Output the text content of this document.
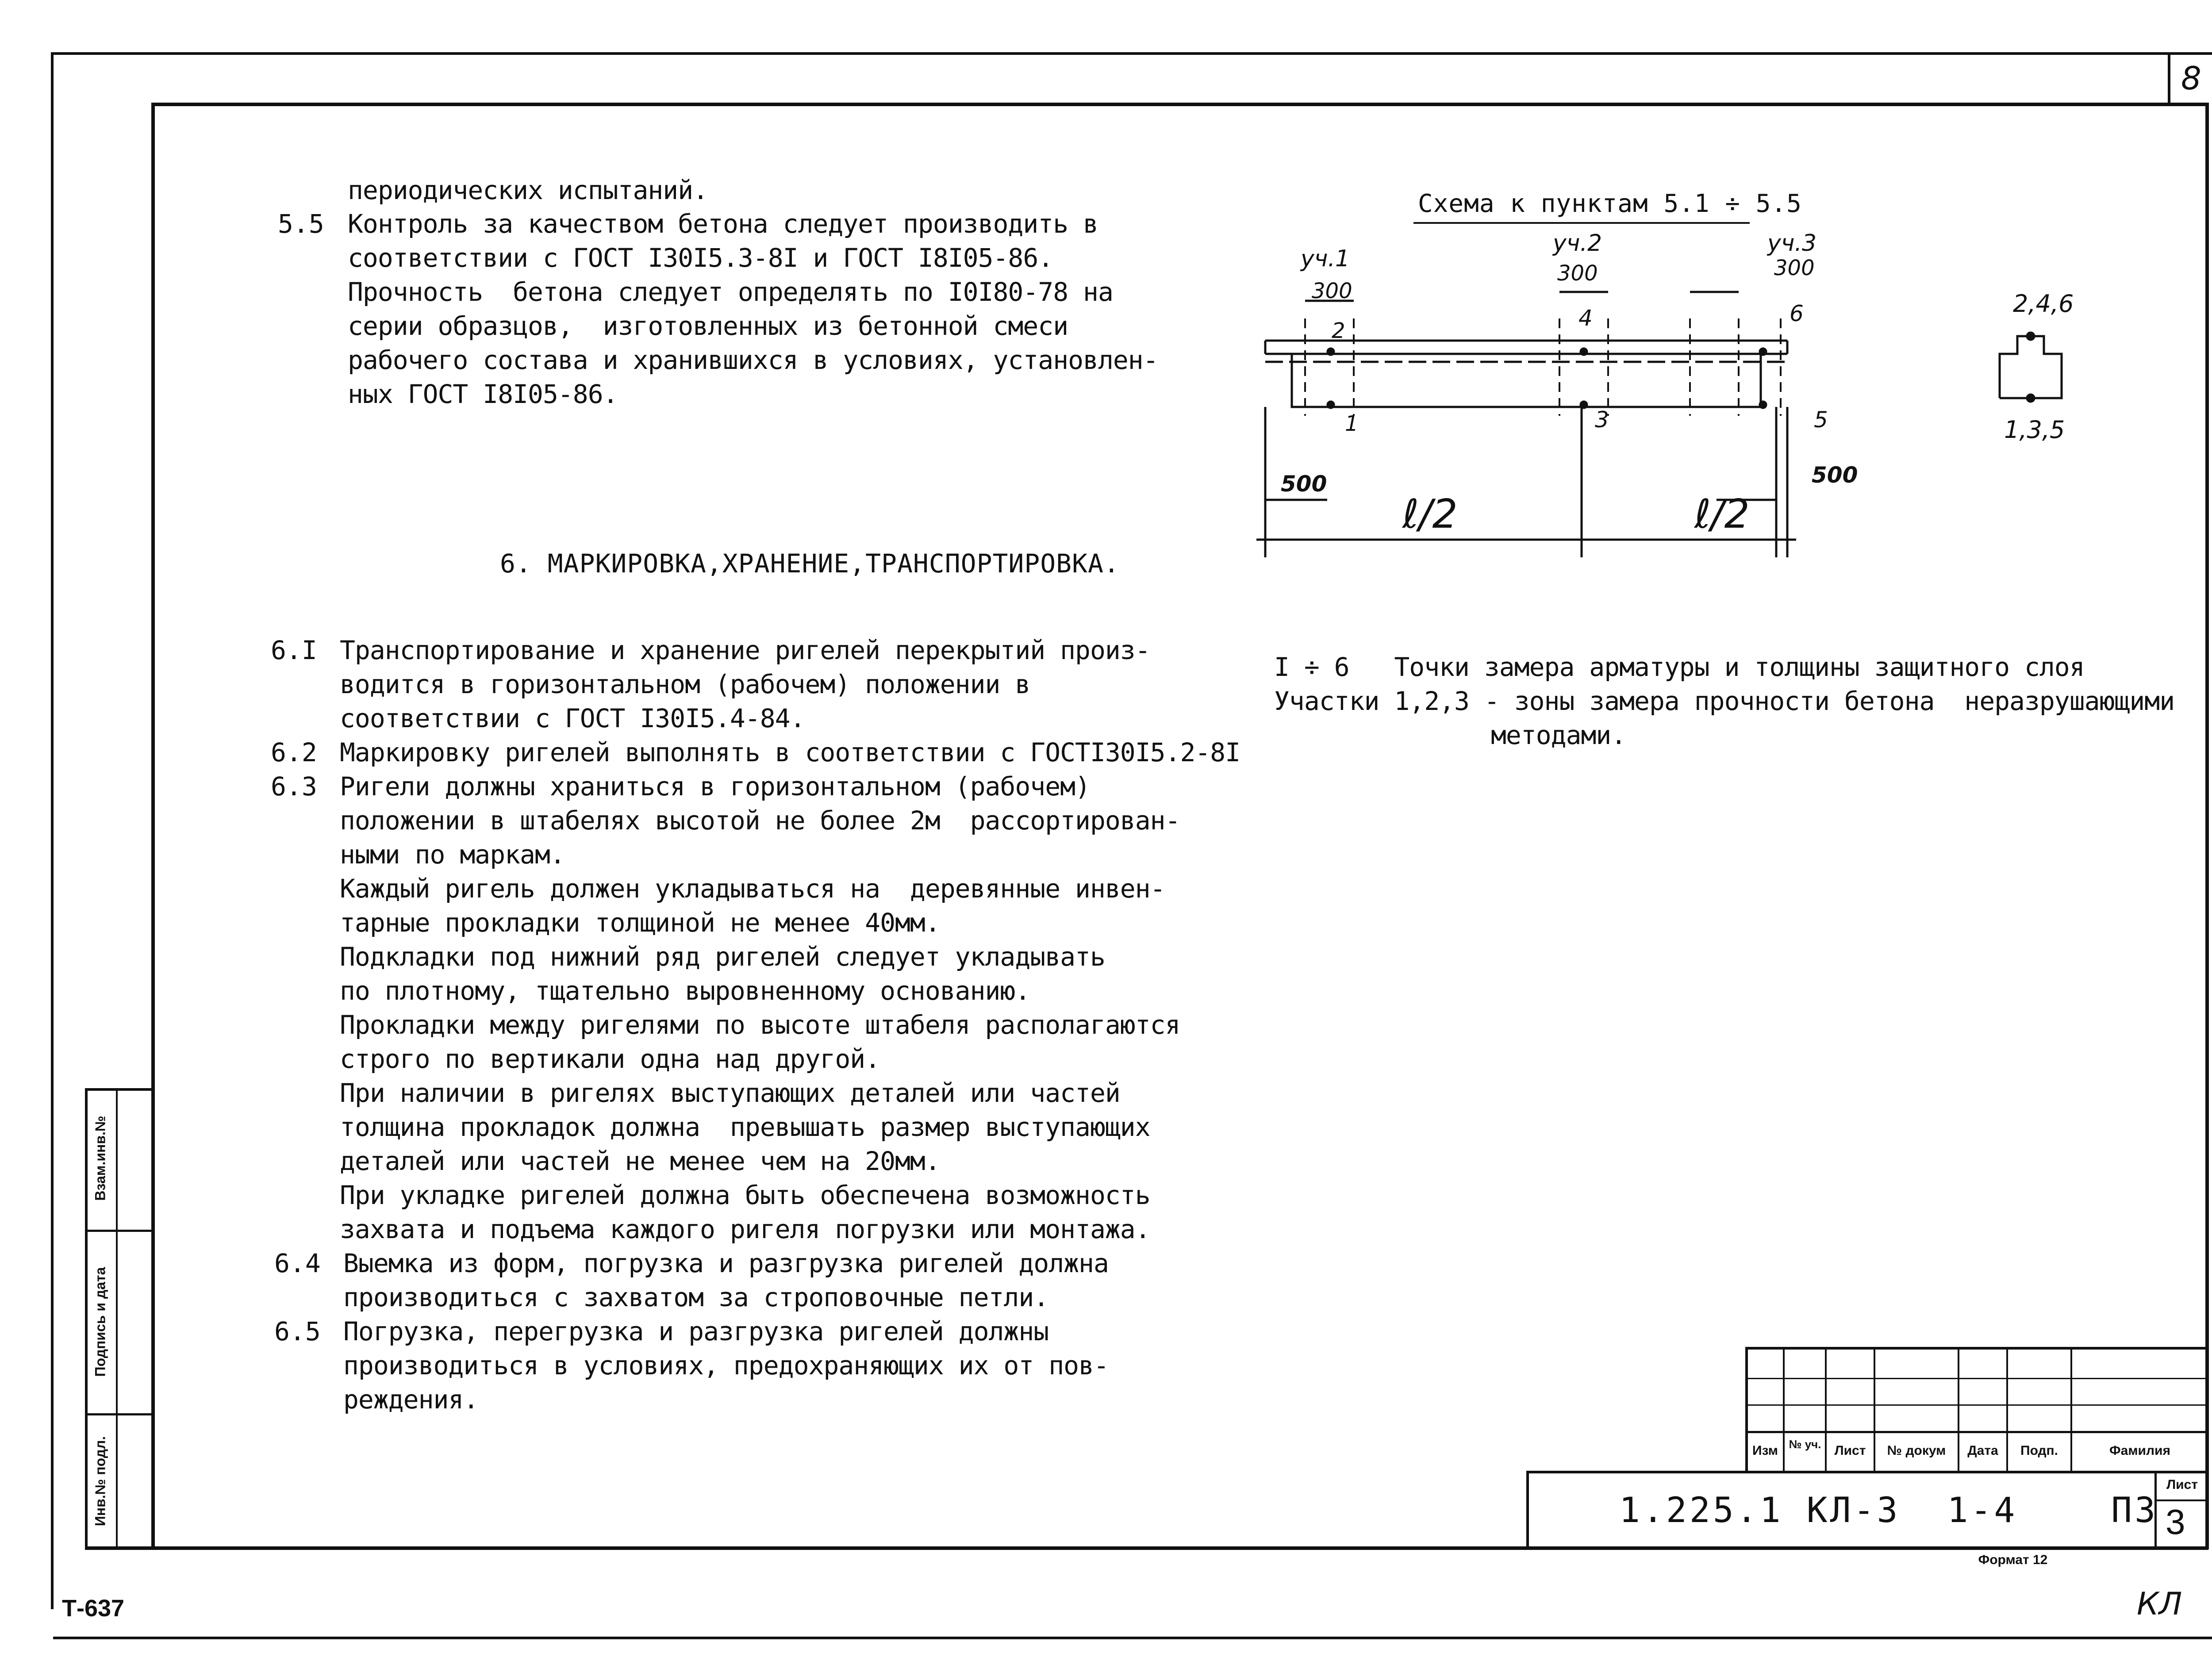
8
периодических испытаний.
5.5 Контроль за качеством бетона следует производить в
соответствии с ГОСТ I30I5.3-8I и ГОСТ I8I05-86.
Прочность  бетона следует определять по I0I80-78 на
серии образцов,  изготовленных из бетонной смеси
рабочего состава и хранившихся в условиях, установлен-
ных ГОСТ I8I05-86.
6. МАРКИРОВКА,ХРАНЕНИЕ,ТРАНСПОРТИРОВКА.
6.I Транспортирование и хранение ригелей перекрытий произ-
водится в горизонтальном (рабочем) положении в
соответствии с ГОСТ I30I5.4-84.
6.2 Маркировку ригелей выполнять в соответствии с ГОСТI30I5.2-8I
6.3 Ригели должны храниться в горизонтальном (рабочем)
положении в штабелях высотой не более 2м  рассортирован-
ными по маркам.
Каждый ригель должен укладываться на  деревянные инвен-
тарные прокладки толщиной не менее 40мм.
Подкладки под нижний ряд ригелей следует укладывать
по плотному, тщательно выровненному основанию.
Прокладки между ригелями по высоте штабеля располагаются
строго по вертикали одна над другой.
При наличии в ригелях выступающих деталей или частей
толщина прокладок должна  превышать размер выступающих
деталей или частей не менее чем на 20мм.
При укладке ригелей должна быть обеспечена возможность
захвата и подъема каждого ригеля погрузки или монтажа.
6.4 Выемка из форм, погрузка и разгрузка ригелей должна
производиться с захватом за строповочные петли.
6.5 Погрузка, перегрузка и разгрузка ригелей должны
производиться в условиях, предохраняющих их от пов-
реждения.
Схема к пунктам 5.1 ÷ 5.5
уч.1
уч.2	уч.3
300
300	300
2	4	6
1	3	5
500	500
ℓ/2	ℓ/2
2,4,6
1,3,5
I ÷ 6   Точки замера арматуры и толщины защитного слоя
Участки 1,2,3 - зоны замера прочности бетона  неразрушающими
методами.
Взам.инв.№
Подпись и дата
Инв.№ подл.	Изм № уч.	Лист	№ докум	Дата	Подп.	Фамилия
1.225.1 КЛ-3  1-4    ПЗ
Лист
3
Формат 12
Т-637	КЛ
